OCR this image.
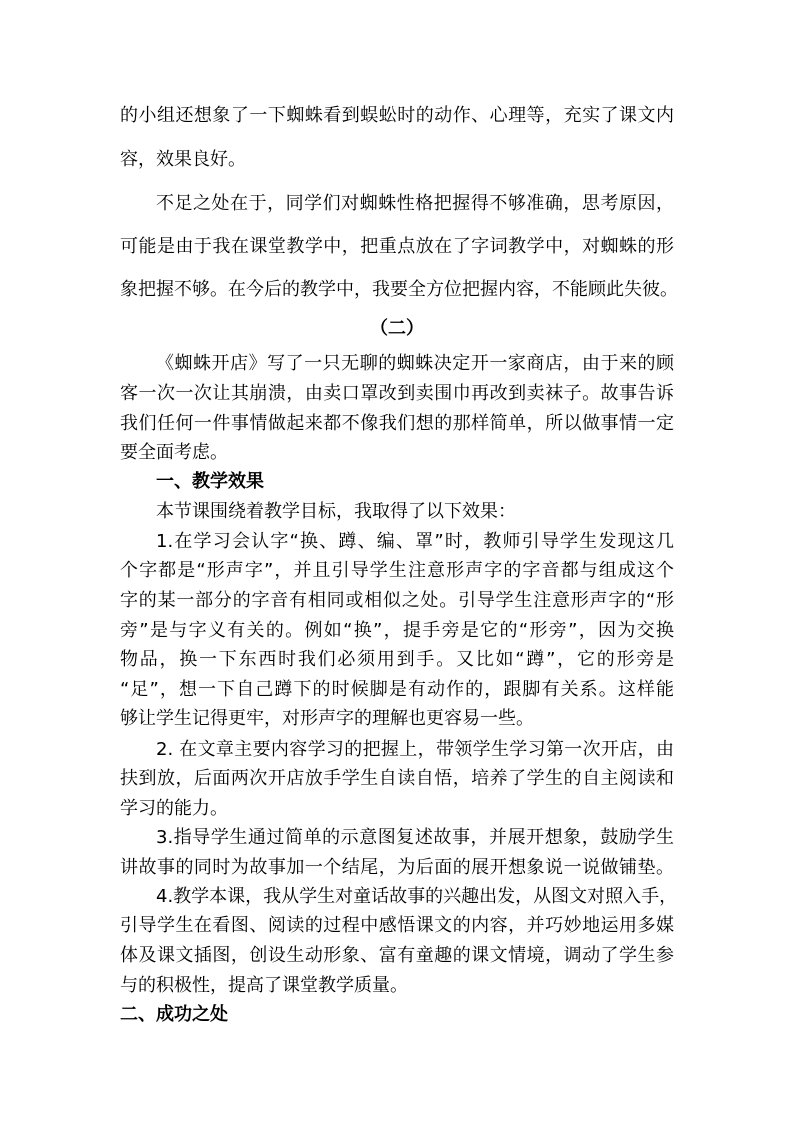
的小组还想象了一下蜘蛛看到蜈蚣时的动作、心理等，充实了课文内
容，效果良好。
不足之处在于，同学们对蜘蛛性格把握得不够准确，思考原因，
可能是由于我在课堂教学中，把重点放在了字词教学中，对蜘蛛的形
象把握不够。在今后的教学中，我要全方位把握内容，不能顾此失彼。
（二）
《蜘蛛开店》写了一只无聊的蜘蛛决定开一家商店，由于来的顾
客一次一次让其崩溃，由卖口罩改到卖围巾再改到卖袜子。故事告诉
我们任何一件事情做起来都不像我们想的那样简单，所以做事情一定
要全面考虑。
一、教学效果
本节课围绕着教学目标，我取得了以下效果：
1.在学习会认字“换、蹲、编、罩”时，教师引导学生发现这几
个字都是“形声字”，并且引导学生注意形声字的字音都与组成这个
字的某一部分的字音有相同或相似之处。引导学生注意形声字的“形
旁”是与字义有关的。例如“换”，提手旁是它的“形旁”，因为交换
物品，换一下东西时我们必须用到手。又比如“蹲”，它的形旁是
“足”，想一下自己蹲下的时候脚是有动作的，跟脚有关系。这样能
够让学生记得更牢，对形声字的理解也更容易一些。
2. 在文章主要内容学习的把握上，带领学生学习第一次开店，由
扶到放，后面两次开店放手学生自读自悟，培养了学生的自主阅读和
学习的能力。
3.指导学生通过简单的示意图复述故事，并展开想象，鼓励学生
讲故事的同时为故事加一个结尾，为后面的展开想象说一说做铺垫。
4.教学本课，我从学生对童话故事的兴趣出发，从图文对照入手，
引导学生在看图、阅读的过程中感悟课文的内容，并巧妙地运用多媒
体及课文插图，创设生动形象、富有童趣的课文情境，调动了学生参
与的积极性，提高了课堂教学质量。
二、成功之处
